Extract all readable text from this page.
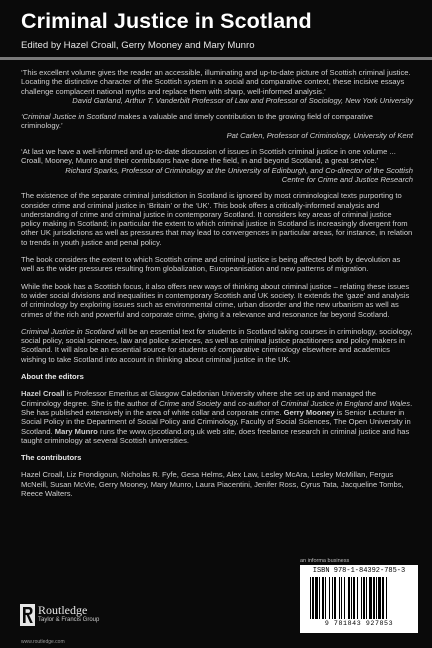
Criminal Justice in Scotland
Edited by Hazel Croall, Gerry Mooney and Mary Munro

‘This excellent volume gives the reader an accessible, illuminating and up-to-date picture of Scottish criminal justice. Locating the distinctive character of the Scottish system in a social and comparative context, these incisive essays challenge complacent national myths and replace them with sharp, well-informed analysis.’

David Garland, Arthur T. Vanderbilt Professor of Law and Professor of Sociology, New York University

‘Criminal Justice in Scotland makes a valuable and timely contribution to the growing field of comparative criminology.’

Pat Carlen, Professor of Criminology, University of Kent

‘At last we have a well-informed and up-to-date discussion of issues in Scottish criminal justice in one volume ... Croall, Mooney, Munro and their contributors have done the field, in and beyond Scotland, a great service.’

Richard Sparks, Professor of Criminology at the University of Edinburgh, and Co-director of the Scottish

Centre for Crime and Justice Research

The existence of the separate criminal jurisdiction in Scotland is ignored by most criminological texts purporting to consider crime and criminal justice in ‘Britain’ or the ‘UK’. This book offers a critically-informed analysis and understanding of crime and criminal justice in contemporary Scotland. It considers key areas of criminal justice policy making in Scotland; in particular the extent to which criminal justice in Scotland is increasingly divergent from other UK jurisdictions as well as pressures that may lead to convergences in particular areas, for instance, in relation to trends in youth justice and penal policy.

The book considers the extent to which Scottish crime and criminal justice is being affected both by devolution as well as the wider pressures resulting from globalization, Europeanisation and new patterns of migration.

While the book has a Scottish focus, it also offers new ways of thinking about criminal justice – relating these issues to wider social divisions and inequalities in contemporary Scottish and UK society. It extends the ‘gaze’ and analysis of criminology by exploring issues such as environmental crime, urban disorder and the new urbanism as well as crimes of the rich and powerful and corporate crime, giving it a relevance and resonance far beyond Scotland.

Criminal Justice in Scotland will be an essential text for students in Scotland taking courses in criminology, sociology, social policy, social sciences, law and police sciences, as well as criminal justice practitioners and policy makers in Scotland. It will also be an essential source for students of comparative criminology elsewhere and academics wishing to take Scotland into account in thinking about criminal justice in the UK.

About the editors

Hazel Croall is Professor Emeritus at Glasgow Caledonian University where she set up and managed the Criminology degree. She is the author of Crime and Society and co-author of Criminal Justice in England and Wales. She has published extensively in the area of white collar and corporate crime. Gerry Mooney is Senior Lecturer in Social Policy in the Department of Social Policy and Criminology, Faculty of Social Sciences, The Open University in Scotland. Mary Munro runs the www.cjscotland.org.uk web site, does freelance research in criminal justice and has taught criminology at several Scottish universities.

The contributors

Hazel Croall, Liz Frondigoun, Nicholas R. Fyfe, Gesa Helms, Alex Law, Lesley McAra, Lesley McMillan, Fergus McNeill, Susan McVie, Gerry Mooney, Mary Munro, Laura Piacentini, Jenifer Ross, Cyrus Tata, Jacqueline Tombs, Reece Walters.

an informa business
ISBN 978-1-84392-785-3
9 781843 927853
Routledge
Taylor & Francis Group
www.routledge.com
